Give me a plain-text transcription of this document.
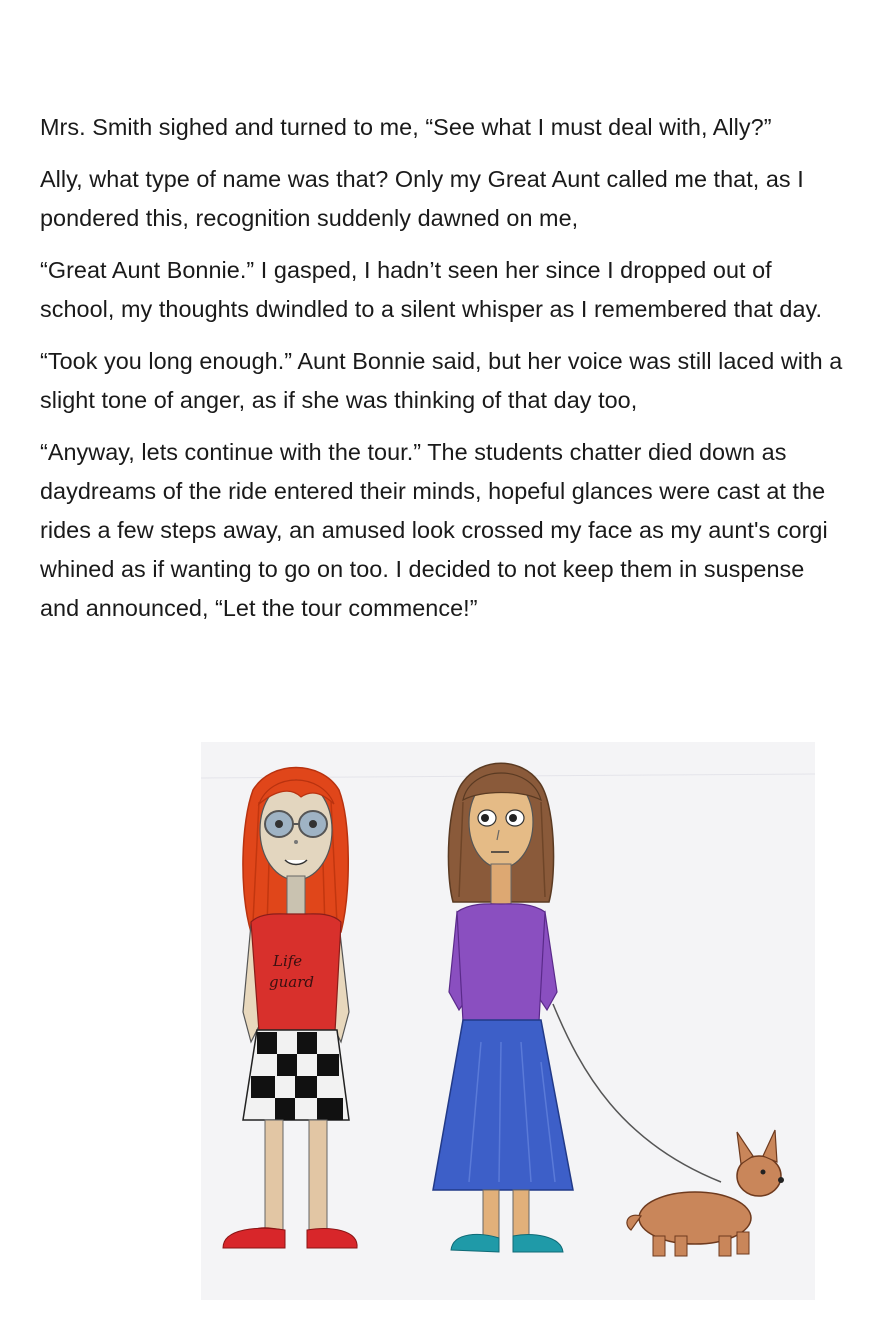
Mrs. Smith sighed and turned to me, “See what I must deal with, Ally?”

Ally, what type of name was that? Only my Great Aunt called me that, as I pondered this, recognition suddenly dawned on me,

“Great Aunt Bonnie.” I gasped, I hadn’t seen her since I dropped out of school, my thoughts dwindled to a silent whisper as I remembered that day.

“Took you long enough.” Aunt Bonnie said, but her voice was still laced with a slight tone of anger, as if she was thinking of that day too,

“Anyway, lets continue with the tour.” The students chatter died down as daydreams of the ride entered their minds, hopeful glances were cast at the rides a few steps away, an amused look crossed my face as my aunt's corgi whined as if wanting to go on too. I decided to not keep them in suspense and announced, “Let the tour commence!”

Life
guard
